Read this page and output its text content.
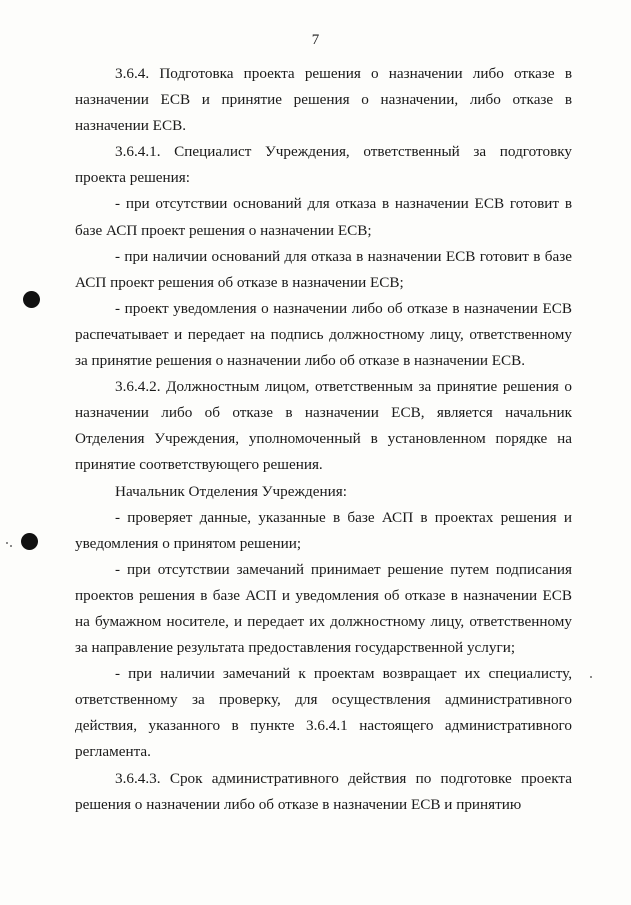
7

3.6.4. Подготовка проекта решения о назначении либо отказе в назначении ЕСВ и принятие решения о назначении, либо отказе в назначении ЕСВ.

3.6.4.1. Специалист Учреждения, ответственный за подготовку проекта решения:

- при отсутствии оснований для отказа в назначении ЕСВ готовит в базе АСП проект решения о назначении ЕСВ;

- при наличии оснований для отказа в назначении ЕСВ готовит в базе АСП проект решения об отказе в назначении ЕСВ;

- проект уведомления о назначении либо об отказе в назначении ЕСВ распечатывает и передает на подпись должностному лицу, ответственному за принятие решения о назначении либо об отказе в назначении ЕСВ.

3.6.4.2. Должностным лицом, ответственным за принятие решения о назначении либо об отказе в назначении ЕСВ, является начальник Отделения Учреждения, уполномоченный в установленном порядке на принятие соответствующего решения.

Начальник Отделения Учреждения:

- проверяет данные, указанные в базе АСП в проектах решения и уведомления о принятом решении;

- при отсутствии замечаний принимает решение путем подписания проектов решения в базе АСП и уведомления об отказе в назначении ЕСВ на бумажном носителе, и передает их должностному лицу, ответственному за направление результата предоставления государственной услуги;

- при наличии замечаний к проектам возвращает их специалисту, ответственному за проверку, для осуществления административного действия, указанного в пункте 3.6.4.1 настоящего административного регламента.

3.6.4.3. Срок административного действия по подготовке проекта решения о назначении либо об отказе в назначении ЕСВ и принятию
